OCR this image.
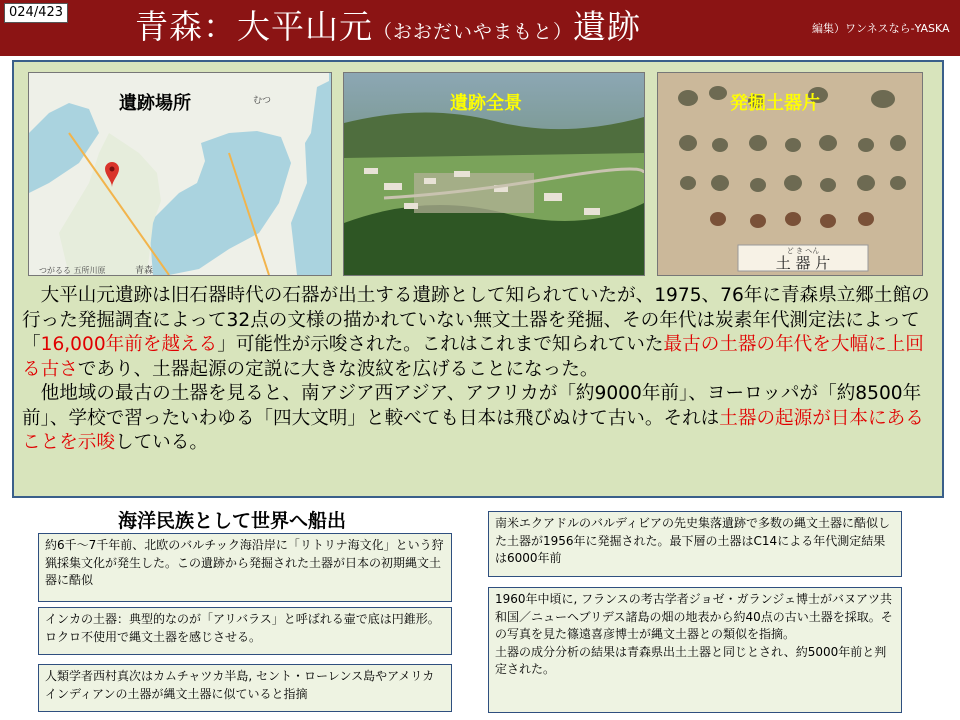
024/423 青森：大平山元（おおだいやまもと）遺跡	編集）ワンネスなら-YASKA
青森
むつ
つがるる 五所川原
遺跡場所	遺跡全景
ど き へん
土 器 片
発掘土器片

　大平山元遺跡は旧石器時代の石器が出土する遺跡として知られていたが、1975、76年に青森県立郷土館の行った発掘調査によって32点の文様の描かれていない無文土器を発掘、その年代は炭素年代測定法によって「16,000年前を越える」可能性が示唆された。これはこれまで知られていた最古の土器の年代を大幅に上回る古さであり、土器起源の定説に大きな波紋を広げることになった。

　他地域の最古の土器を見ると、南アジア西アジア、アフリカが「約9000年前」、ヨーロッパが「約8500年前」、学校で習ったいわゆる「四大文明」と較べても日本は飛びぬけて古い。それは土器の起源が日本にあることを示唆している。

海洋民族として世界へ船出
約6千～7千年前、北欧のバルチック海沿岸に「リトリナ海文化」という狩猟採集文化が発生した。この遺跡から発掘された土器が日本の初期縄文土器に酷似
インカの土器：典型的なのが「アリバラス」と呼ばれる壷で底は円錐形。ロクロ不使用で縄文土器を感じさせる。
人類学者西村真次はカムチャツカ半島, セント・ローレンス島やアメリカインディアンの土器が縄文土器に似ていると指摘
南米エクアドルのバルディビアの先史集落遺跡で多数の縄文土器に酷似した土器が1956年に発掘された。最下層の土器はC14による年代測定結果は6000年前
1960年中頃に, フランスの考古学者ジョゼ・ガランジェ博士がバヌアツ共和国／ニューヘブリデス諸島の畑の地表から約40点の古い土器を採取。その写真を見た篠遠喜彦博士が縄文土器との類似を指摘。
土器の成分分析の結果は青森県出土土器と同じとされ、約5000年前と判定された。
